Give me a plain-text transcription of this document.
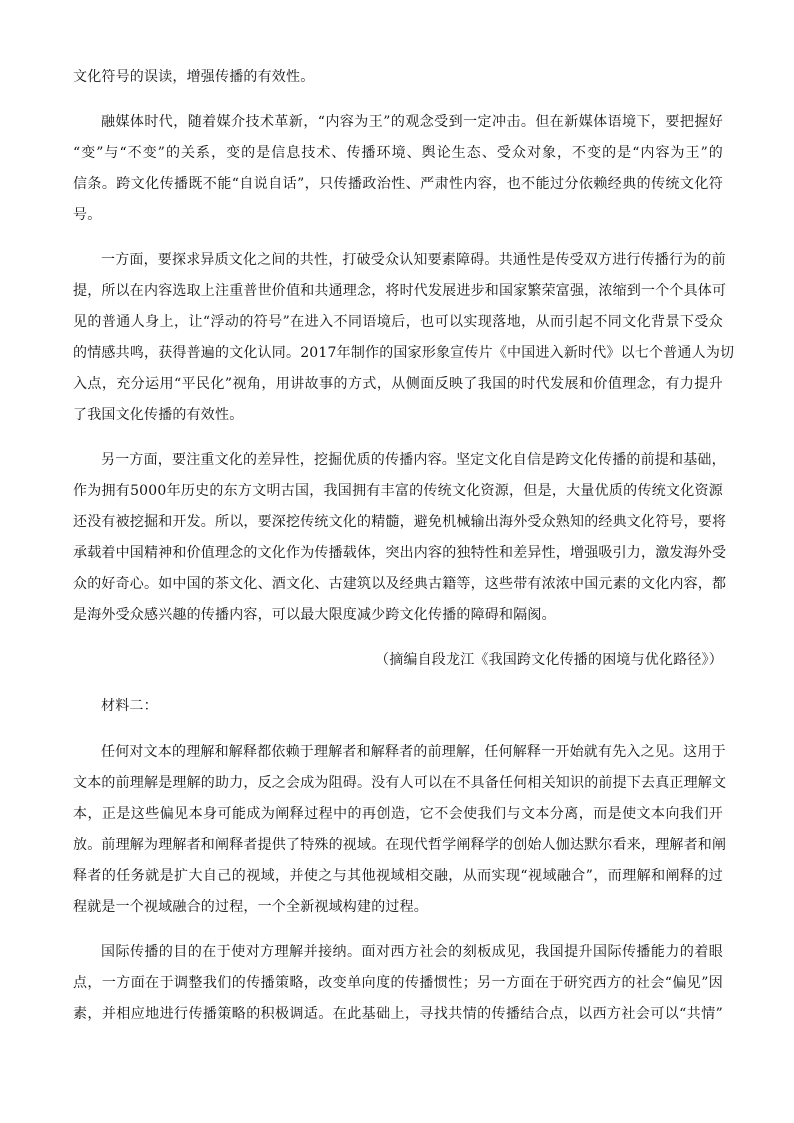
文化符号的误读，增强传播的有效性。
融媒体时代，随着媒介技术革新，“内容为王”的观念受到一定冲击。但在新媒体语境下，要把握好
“变”与“不变”的关系，变的是信息技术、传播环境、舆论生态、受众对象，不变的是“内容为王”的
信条。跨文化传播既不能“自说自话”，只传播政治性、严肃性内容，也不能过分依赖经典的传统文化符
号。
一方面，要探求异质文化之间的共性，打破受众认知要素障碍。共通性是传受双方进行传播行为的前
提，所以在内容选取上注重普世价值和共通理念，将时代发展进步和国家繁荣富强，浓缩到一个个具体可
见的普通人身上，让“浮动的符号”在进入不同语境后，也可以实现落地，从而引起不同文化背景下受众
的情感共鸣，获得普遍的文化认同。2017年制作的国家形象宣传片《中国进入新时代》以七个普通人为切
入点，充分运用“平民化”视角，用讲故事的方式，从侧面反映了我国的时代发展和价值理念，有力提升
了我国文化传播的有效性。
另一方面，要注重文化的差异性，挖掘优质的传播内容。坚定文化自信是跨文化传播的前提和基础，
作为拥有5000年历史的东方文明古国，我国拥有丰富的传统文化资源，但是，大量优质的传统文化资源
还没有被挖掘和开发。所以，要深挖传统文化的精髓，避免机械输出海外受众熟知的经典文化符号，要将
承载着中国精神和价值理念的文化作为传播载体，突出内容的独特性和差异性，增强吸引力，激发海外受
众的好奇心。如中国的茶文化、酒文化、古建筑以及经典古籍等，这些带有浓浓中国元素的文化内容，都
是海外受众感兴趣的传播内容，可以最大限度减少跨文化传播的障碍和隔阂。
（摘编自段龙江《我国跨文化传播的困境与优化路径》）
材料二：
任何对文本的理解和解释都依赖于理解者和解释者的前理解，任何解释一开始就有先入之见。这用于
文本的前理解是理解的助力，反之会成为阻碍。没有人可以在不具备任何相关知识的前提下去真正理解文
本，正是这些偏见本身可能成为阐释过程中的再创造，它不会使我们与文本分离，而是使文本向我们开
放。前理解为理解者和阐释者提供了特殊的视域。在现代哲学阐释学的创始人伽达默尔看来，理解者和阐
释者的任务就是扩大自己的视域，并使之与其他视域相交融，从而实现“视域融合”，而理解和阐释的过
程就是一个视域融合的过程，一个全新视域构建的过程。
国际传播的目的在于使对方理解并接纳。面对西方社会的刻板成见，我国提升国际传播能力的着眼
点，一方面在于调整我们的传播策略，改变单向度的传播惯性；另一方面在于研究西方的社会“偏见”因
素，并相应地进行传播策略的积极调适。在此基础上，寻找共情的传播结合点，以西方社会可以“共情”
